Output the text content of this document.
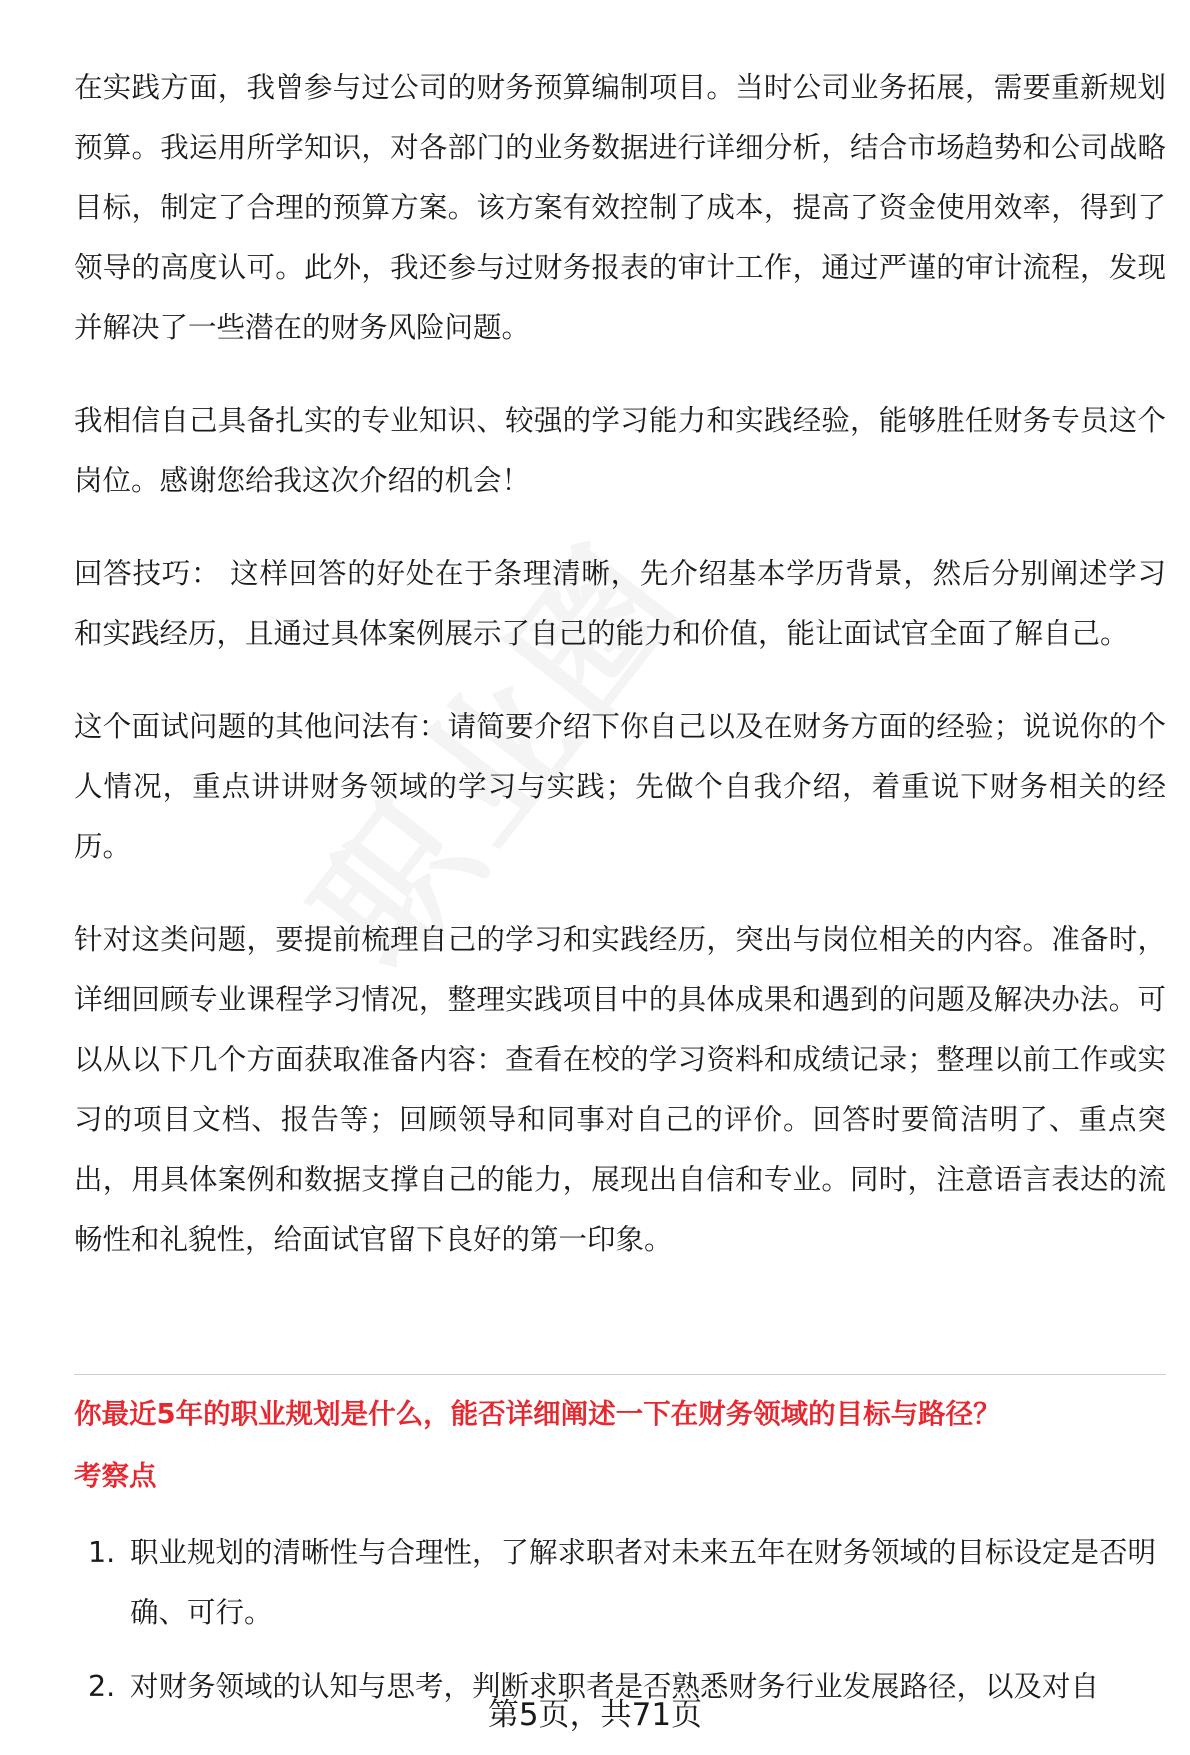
在实践方面，我曾参与过公司的财务预算编制项目。当时公司业务拓展，需要重新规划预算。我运用所学知识，对各部门的业务数据进行详细分析，结合市场趋势和公司战略目标，制定了合理的预算方案。该方案有效控制了成本，提高了资金使用效率，得到了领导的高度认可。此外，我还参与过财务报表的审计工作，通过严谨的审计流程，发现并解决了一些潜在的财务风险问题。

我相信自己具备扎实的专业知识、较强的学习能力和实践经验，能够胜任财务专员这个岗位。感谢您给我这次介绍的机会！

回答技巧： 这样回答的好处在于条理清晰，先介绍基本学历背景，然后分别阐述学习和实践经历，且通过具体案例展示了自己的能力和价值，能让面试官全面了解自己。

这个面试问题的其他问法有：请简要介绍下你自己以及在财务方面的经验；说说你的个人情况，重点讲讲财务领域的学习与实践；先做个自我介绍，着重说下财务相关的经历。

针对这类问题，要提前梳理自己的学习和实践经历，突出与岗位相关的内容。准备时，详细回顾专业课程学习情况，整理实践项目中的具体成果和遇到的问题及解决办法。可以从以下几个方面获取准备内容：查看在校的学习资料和成绩记录；整理以前工作或实习的项目文档、报告等；回顾领导和同事对自己的评价。回答时要简洁明了、重点突出，用具体案例和数据支撑自己的能力，展现出自信和专业。同时，注意语言表达的流畅性和礼貌性，给面试官留下良好的第一印象。

你最近5年的职业规划是什么，能否详细阐述一下在财务领域的目标与路径？
考察点
1. 职业规划的清晰性与合理性，了解求职者对未来五年在财务领域的目标设定是否明确、可行。
2. 对财务领域的认知与思考，判断求职者是否熟悉财务行业发展路径，以及对自
第5页，共71页
